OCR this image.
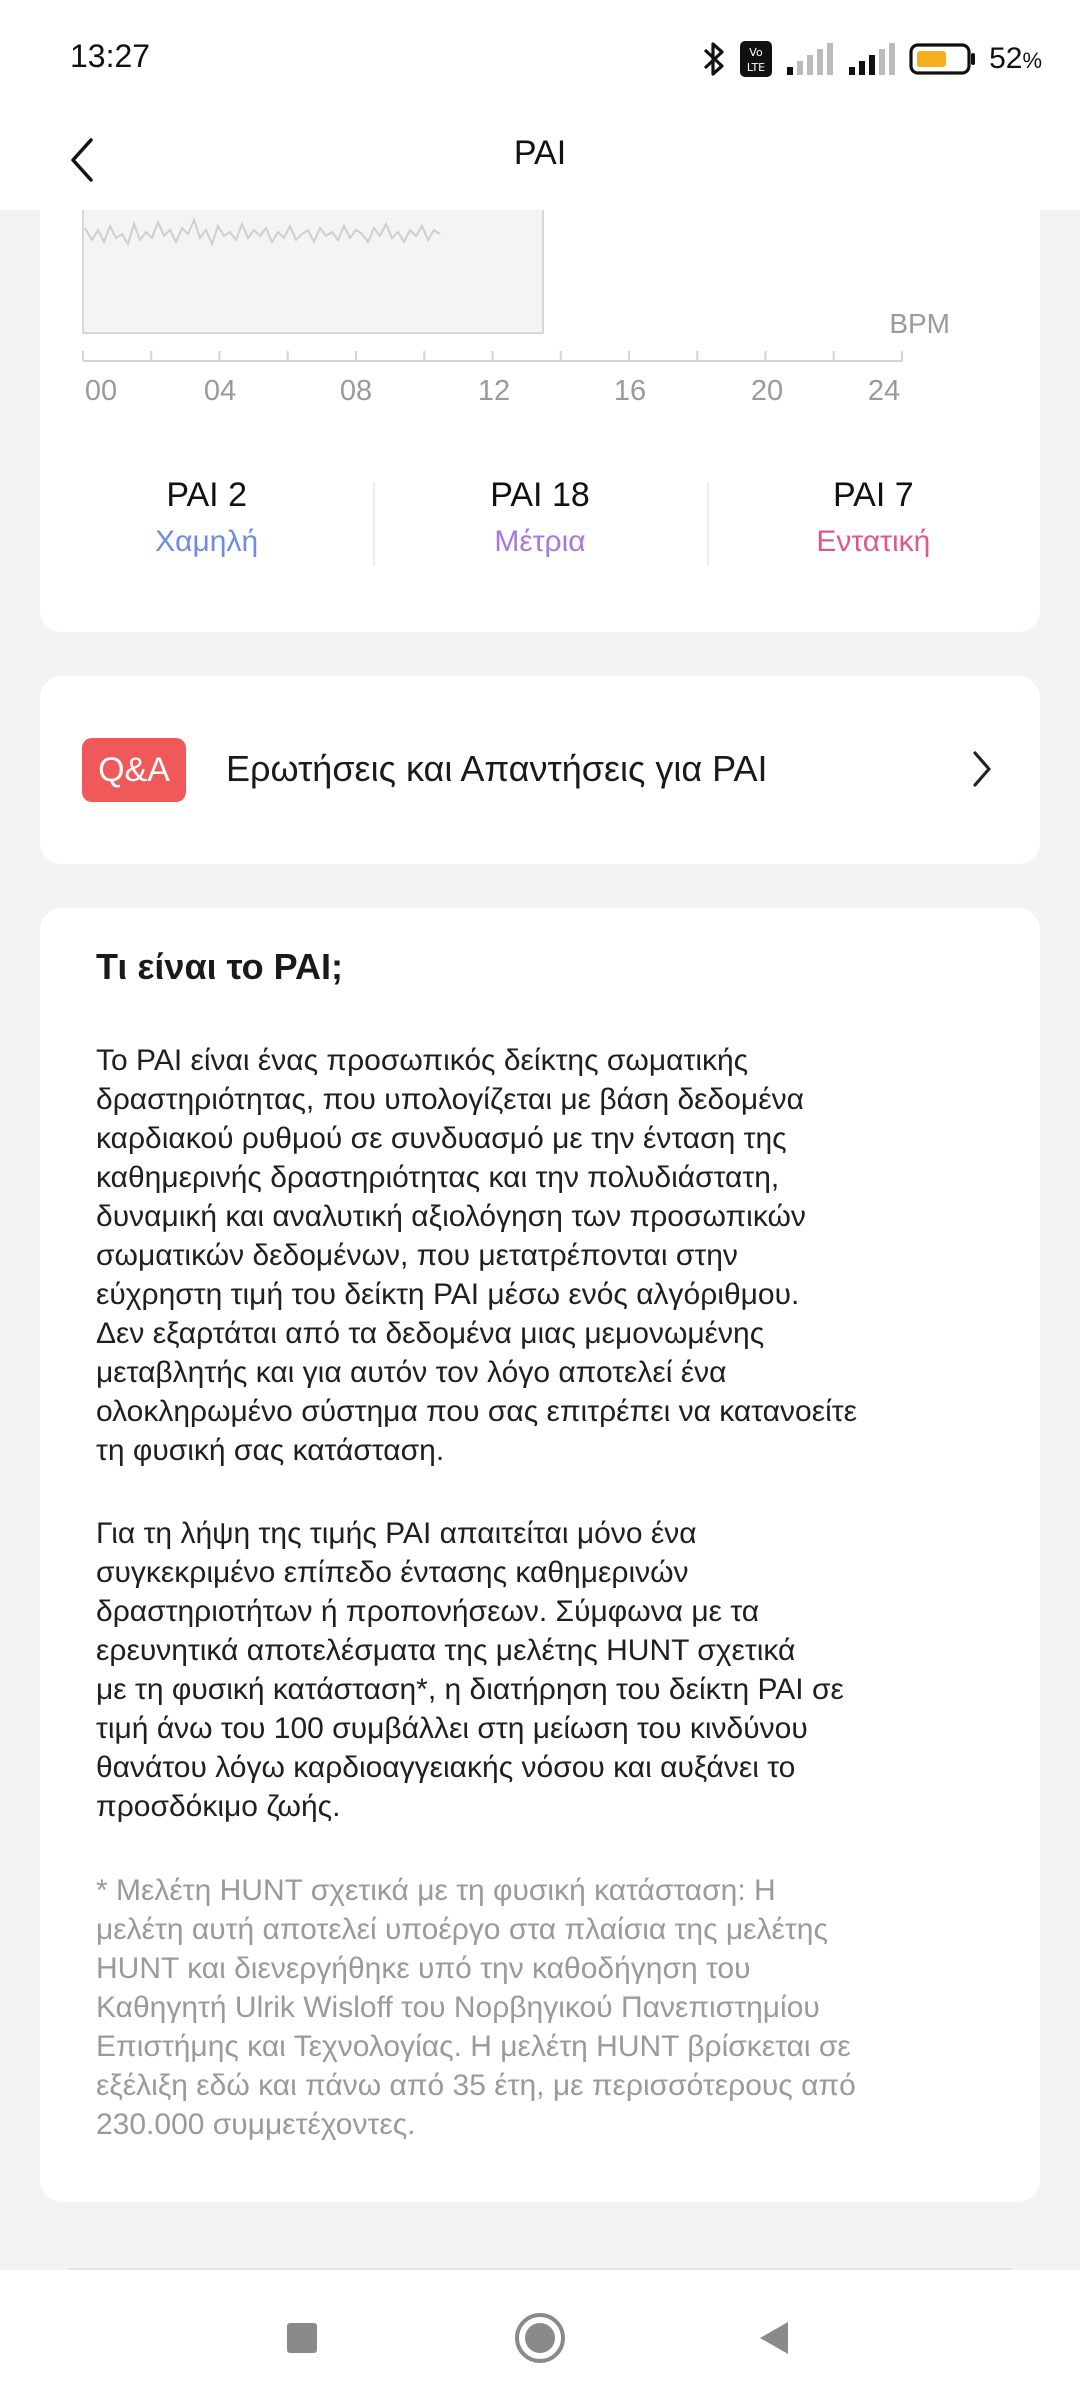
13:27	Vo
LTE	52%
BPM
00	04	08	12	16	20	24
PAI 2
Χαμηλή
PAI 18
Μέτρια
PAI 7
Εντατική
PAI
Q&A	Ερωτήσεις και Απαντήσεις για PAI
Τι είναι το PAI;
Το PAI είναι ένας προσωπικός δείκτης σωματικής
δραστηριότητας, που υπολογίζεται με βάση δεδομένα
καρδιακού ρυθμού σε συνδυασμό με την ένταση της
καθημερινής δραστηριότητας και την πολυδιάστατη,
δυναμική και αναλυτική αξιολόγηση των προσωπικών
σωματικών δεδομένων, που μετατρέπονται στην
εύχρηστη τιμή του δείκτη PAI μέσω ενός αλγόριθμου.
Δεν εξαρτάται από τα δεδομένα μιας μεμονωμένης
μεταβλητής και για αυτόν τον λόγο αποτελεί ένα
ολοκληρωμένο σύστημα που σας επιτρέπει να κατανοείτε
τη φυσική σας κατάσταση.
Για τη λήψη της τιμής PAI απαιτείται μόνο ένα
συγκεκριμένο επίπεδο έντασης καθημερινών
δραστηριοτήτων ή προπονήσεων. Σύμφωνα με τα
ερευνητικά αποτελέσματα της μελέτης HUNT σχετικά
με τη φυσική κατάσταση*, η διατήρηση του δείκτη PAI σε
τιμή άνω του 100 συμβάλλει στη μείωση του κινδύνου
θανάτου λόγω καρδιοαγγειακής νόσου και αυξάνει το
προσδόκιμο ζωής.
* Μελέτη HUNT σχετικά με τη φυσική κατάσταση: Η
μελέτη αυτή αποτελεί υποέργο στα πλαίσια της μελέτης
HUNT και διενεργήθηκε υπό την καθοδήγηση του
Καθηγητή Ulrik Wisloff του Νορβηγικού Πανεπιστημίου
Επιστήμης και Τεχνολογίας. Η μελέτη HUNT βρίσκεται σε
εξέλιξη εδώ και πάνω από 35 έτη, με περισσότερους από
230.000 συμμετέχοντες.
